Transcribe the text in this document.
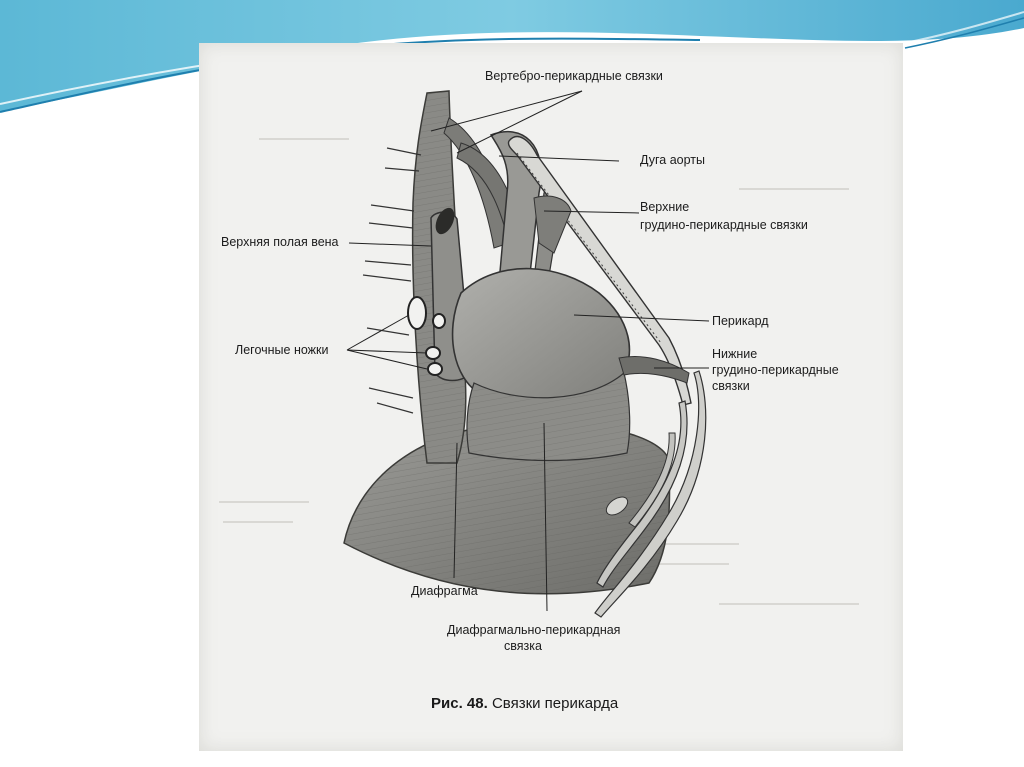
Вертебро-перикардные связки
Дуга аорты
Верхние
грудино-перикардные связки
Верхняя полая вена
Перикард
Легочные ножки	Нижние
грудино-перикардные
связки
Диафрагма
Диафрагмально-перикардная
связка
Рис. 48. Связки перикарда
